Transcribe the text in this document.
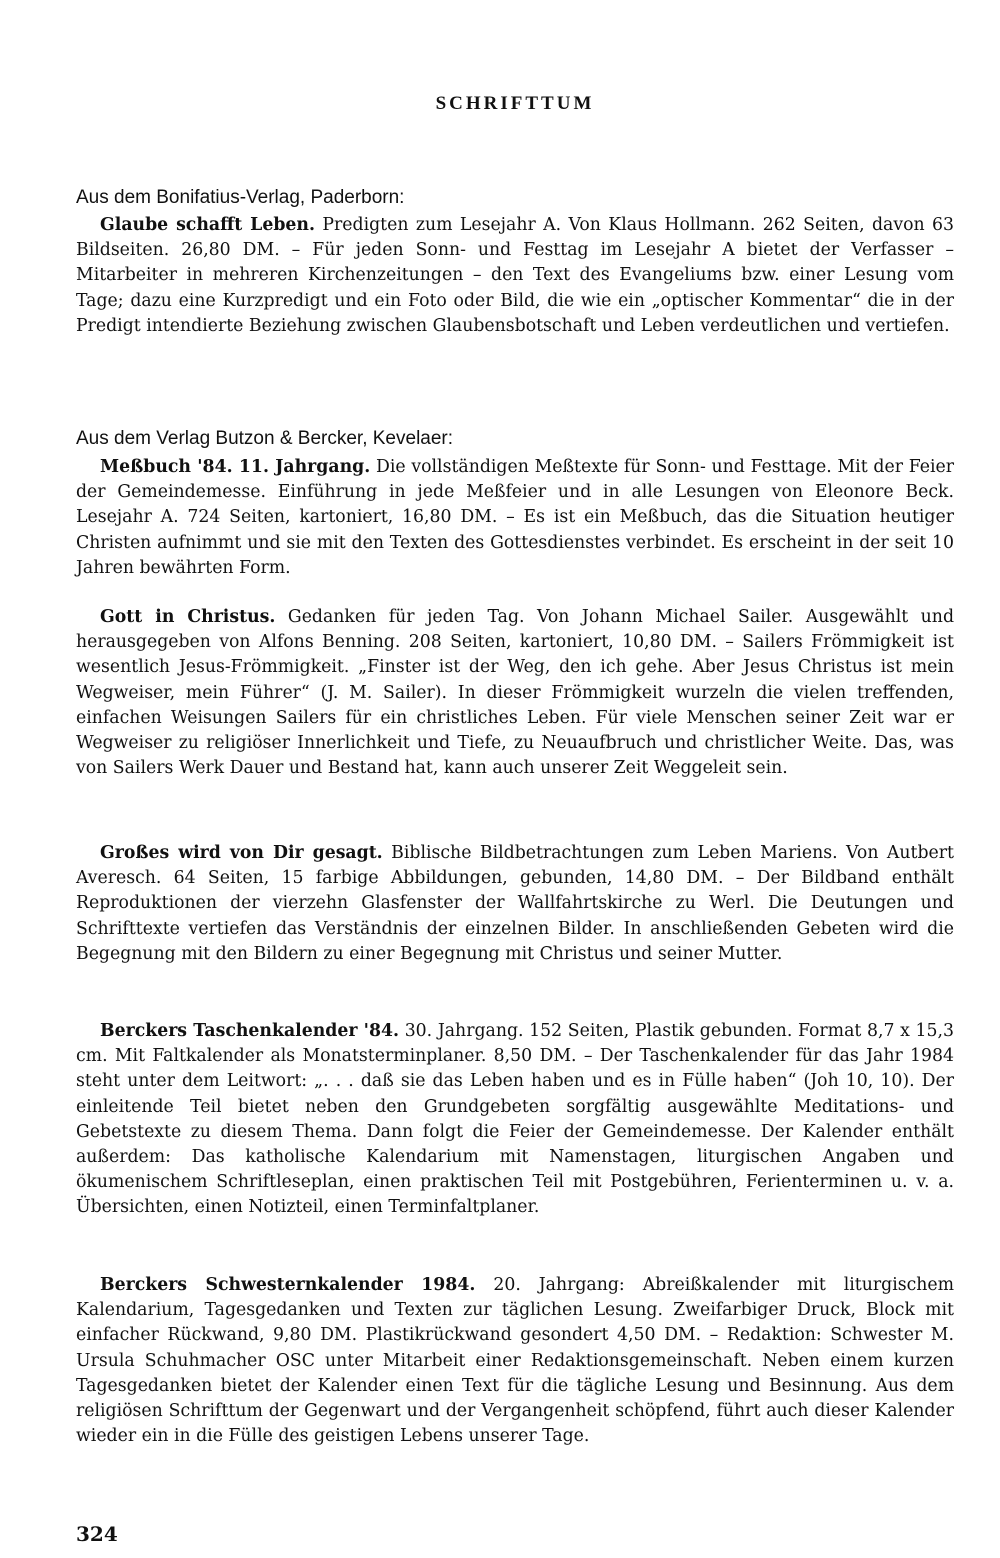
SCHRIFTTUM
Aus dem Bonifatius-Verlag, Paderborn:
Glaube schafft Leben. Predigten zum Lesejahr A. Von Klaus Hollmann. 262 Seiten, davon 63 Bildseiten. 26,80 DM. – Für jeden Sonn- und Festtag im Lesejahr A bietet der Verfasser – Mitarbeiter in mehreren Kirchenzeitungen – den Text des Evangeliums bzw. einer Lesung vom Tage; dazu eine Kurzpredigt und ein Foto oder Bild, die wie ein „optischer Kommentar“ die in der Predigt intendierte Beziehung zwischen Glaubensbotschaft und Leben verdeutlichen und vertiefen.
Aus dem Verlag Butzon & Bercker, Kevelaer:
Meßbuch '84. 11. Jahrgang. Die vollständigen Meßtexte für Sonn- und Festtage. Mit der Feier der Gemeindemesse. Einführung in jede Meßfeier und in alle Lesungen von Eleonore Beck. Lesejahr A. 724 Seiten, kartoniert, 16,80 DM. – Es ist ein Meßbuch, das die Situation heutiger Christen aufnimmt und sie mit den Texten des Gottesdienstes verbindet. Es erscheint in der seit 10 Jahren bewährten Form.
Gott in Christus. Gedanken für jeden Tag. Von Johann Michael Sailer. Ausgewählt und herausgegeben von Alfons Benning. 208 Seiten, kartoniert, 10,80 DM. – Sailers Frömmigkeit ist wesentlich Jesus-Frömmigkeit. „Finster ist der Weg, den ich gehe. Aber Jesus Christus ist mein Wegweiser, mein Führer“ (J. M. Sailer). In dieser Frömmigkeit wurzeln die vielen treffenden, einfachen Weisungen Sailers für ein christliches Leben. Für viele Menschen seiner Zeit war er Wegweiser zu religiöser Innerlichkeit und Tiefe, zu Neuaufbruch und christlicher Weite. Das, was von Sailers Werk Dauer und Bestand hat, kann auch unserer Zeit Weggeleit sein.
Großes wird von Dir gesagt. Biblische Bildbetrachtungen zum Leben Mariens. Von Autbert Averesch. 64 Seiten, 15 farbige Abbildungen, gebunden, 14,80 DM. – Der Bildband enthält Reproduktionen der vierzehn Glasfenster der Wallfahrtskirche zu Werl. Die Deutungen und Schrifttexte vertiefen das Verständnis der einzelnen Bilder. In anschließenden Gebeten wird die Begegnung mit den Bildern zu einer Begegnung mit Christus und seiner Mutter.
Berckers Taschenkalender '84. 30. Jahrgang. 152 Seiten, Plastik gebunden. Format 8,7 x 15,3 cm. Mit Faltkalender als Monatsterminplaner. 8,50 DM. – Der Taschenkalender für das Jahr 1984 steht unter dem Leitwort: „. . . daß sie das Leben haben und es in Fülle haben“ (Joh 10, 10). Der einleitende Teil bietet neben den Grundgebeten sorgfältig ausgewählte Meditations- und Gebetstexte zu diesem Thema. Dann folgt die Feier der Gemeindemesse. Der Kalender enthält außerdem: Das katholische Kalendarium mit Namenstagen, liturgischen Angaben und ökumenischem Schriftleseplan, einen praktischen Teil mit Postgebühren, Ferienterminen u. v. a. Übersichten, einen Notizteil, einen Terminfaltplaner.
Berckers Schwesternkalender 1984. 20. Jahrgang: Abreißkalender mit liturgischem Kalendarium, Tagesgedanken und Texten zur täglichen Lesung. Zweifarbiger Druck, Block mit einfacher Rückwand, 9,80 DM. Plastikrückwand gesondert 4,50 DM. – Redaktion: Schwester M. Ursula Schuhmacher OSC unter Mitarbeit einer Redaktionsgemeinschaft. Neben einem kurzen Tagesgedanken bietet der Kalender einen Text für die tägliche Lesung und Besinnung. Aus dem religiösen Schrifttum der Gegenwart und der Vergangenheit schöpfend, führt auch dieser Kalender wieder ein in die Fülle des geistigen Lebens unserer Tage.
324
